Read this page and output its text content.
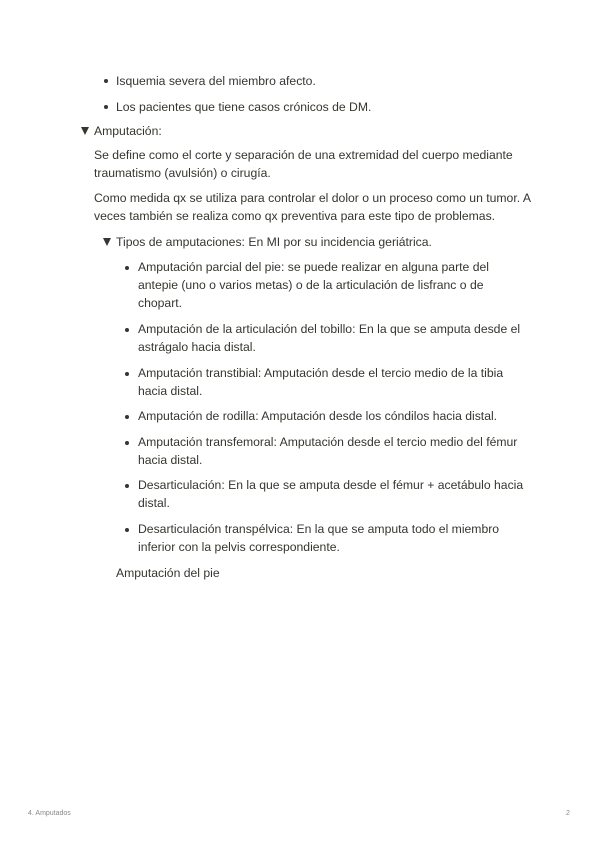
Isquemia severa del miembro afecto.
Los pacientes que tiene casos crónicos de DM.
Amputación:
Se define como el corte y separación de una extremidad del cuerpo mediante traumatismo (avulsión) o cirugía.
Como medida qx se utiliza para controlar el dolor o un proceso como un tumor. A veces también se realiza como qx preventiva para este tipo de problemas.
Tipos de amputaciones: En MI por su incidencia geriátrica.
Amputación parcial del pie: se puede realizar en alguna parte del antepie (uno o varios metas) o de la articulación de lisfranc o de chopart.
Amputación de la articulación del tobillo: En la que se amputa desde el astrágalo hacia distal.
Amputación transtibial: Amputación desde el tercio medio de la tibia hacia distal.
Amputación de rodilla: Amputación desde los cóndilos hacia distal.
Amputación transfemoral: Amputación desde el tercio medio del fémur hacia distal.
Desarticulación: En la que se amputa desde el fémur + acetábulo hacia distal.
Desarticulación transpélvica: En la que se amputa todo el miembro inferior con la pelvis correspondiente.
Amputación del pie
4. Amputados	2
